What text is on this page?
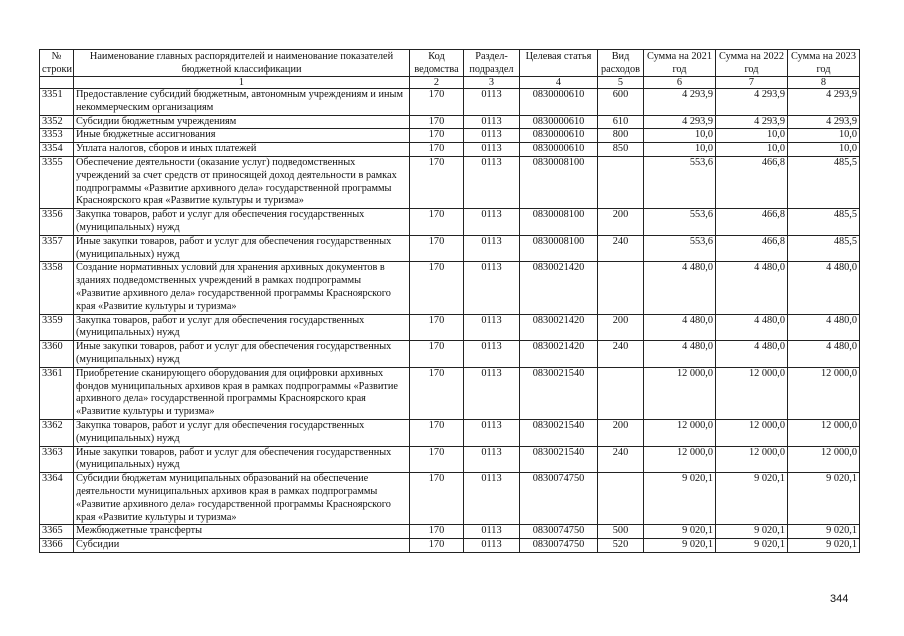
№ строки	Наименование главных распорядителей и наименование показателей бюджетной классификации	Код ведомства	Раздел-подраздел	Целевая статья	Вид расходов	Сумма на 2021 год	Сумма на 2022 год	Сумма на 2023 год
	1	2	3	4	5	6	7	8
3351	Предоставление субсидий бюджетным, автономным учреждениям и иным некоммерческим организациям	170	0113	0830000610	600	4 293,9	4 293,9	4 293,9
3352	Субсидии бюджетным учреждениям	170	0113	0830000610	610	4 293,9	4 293,9	4 293,9
3353	Иные бюджетные ассигнования	170	0113	0830000610	800	10,0	10,0	10,0
3354	Уплата налогов, сборов и иных платежей	170	0113	0830000610	850	10,0	10,0	10,0
3355	Обеспечение деятельности (оказание услуг) подведомственных учреждений за счет средств от приносящей доход деятельности в рамках подпрограммы «Развитие архивного дела» государственной программы Красноярского края «Развитие культуры и туризма»	170	0113	0830008100		553,6	466,8	485,5
3356	Закупка товаров, работ и услуг для обеспечения государственных (муниципальных) нужд	170	0113	0830008100	200	553,6	466,8	485,5
3357	Иные закупки товаров, работ и услуг для обеспечения государственных (муниципальных) нужд	170	0113	0830008100	240	553,6	466,8	485,5
3358	Создание нормативных условий для хранения архивных документов в зданиях подведомственных учреждений в рамках подпрограммы «Развитие архивного дела» государственной программы Красноярского края «Развитие культуры и туризма»	170	0113	0830021420		4 480,0	4 480,0	4 480,0
3359	Закупка товаров, работ и услуг для обеспечения государственных (муниципальных) нужд	170	0113	0830021420	200	4 480,0	4 480,0	4 480,0
3360	Иные закупки товаров, работ и услуг для обеспечения государственных (муниципальных) нужд	170	0113	0830021420	240	4 480,0	4 480,0	4 480,0
3361	Приобретение сканирующего оборудования для оцифровки архивных фондов муниципальных архивов края в рамках подпрограммы «Развитие архивного дела» государственной программы Красноярского края «Развитие культуры и туризма»	170	0113	0830021540		12 000,0	12 000,0	12 000,0
3362	Закупка товаров, работ и услуг для обеспечения государственных (муниципальных) нужд	170	0113	0830021540	200	12 000,0	12 000,0	12 000,0
3363	Иные закупки товаров, работ и услуг для обеспечения государственных (муниципальных) нужд	170	0113	0830021540	240	12 000,0	12 000,0	12 000,0
3364	Субсидии бюджетам муниципальных образований на обеспечение деятельности муниципальных архивов края в рамках подпрограммы «Развитие архивного дела» государственной программы Красноярского края «Развитие культуры и туризма»	170	0113	0830074750		9 020,1	9 020,1	9 020,1
3365	Межбюджетные трансферты	170	0113	0830074750	500	9 020,1	9 020,1	9 020,1
3366	Субсидии	170	0113	0830074750	520	9 020,1	9 020,1	9 020,1
344
